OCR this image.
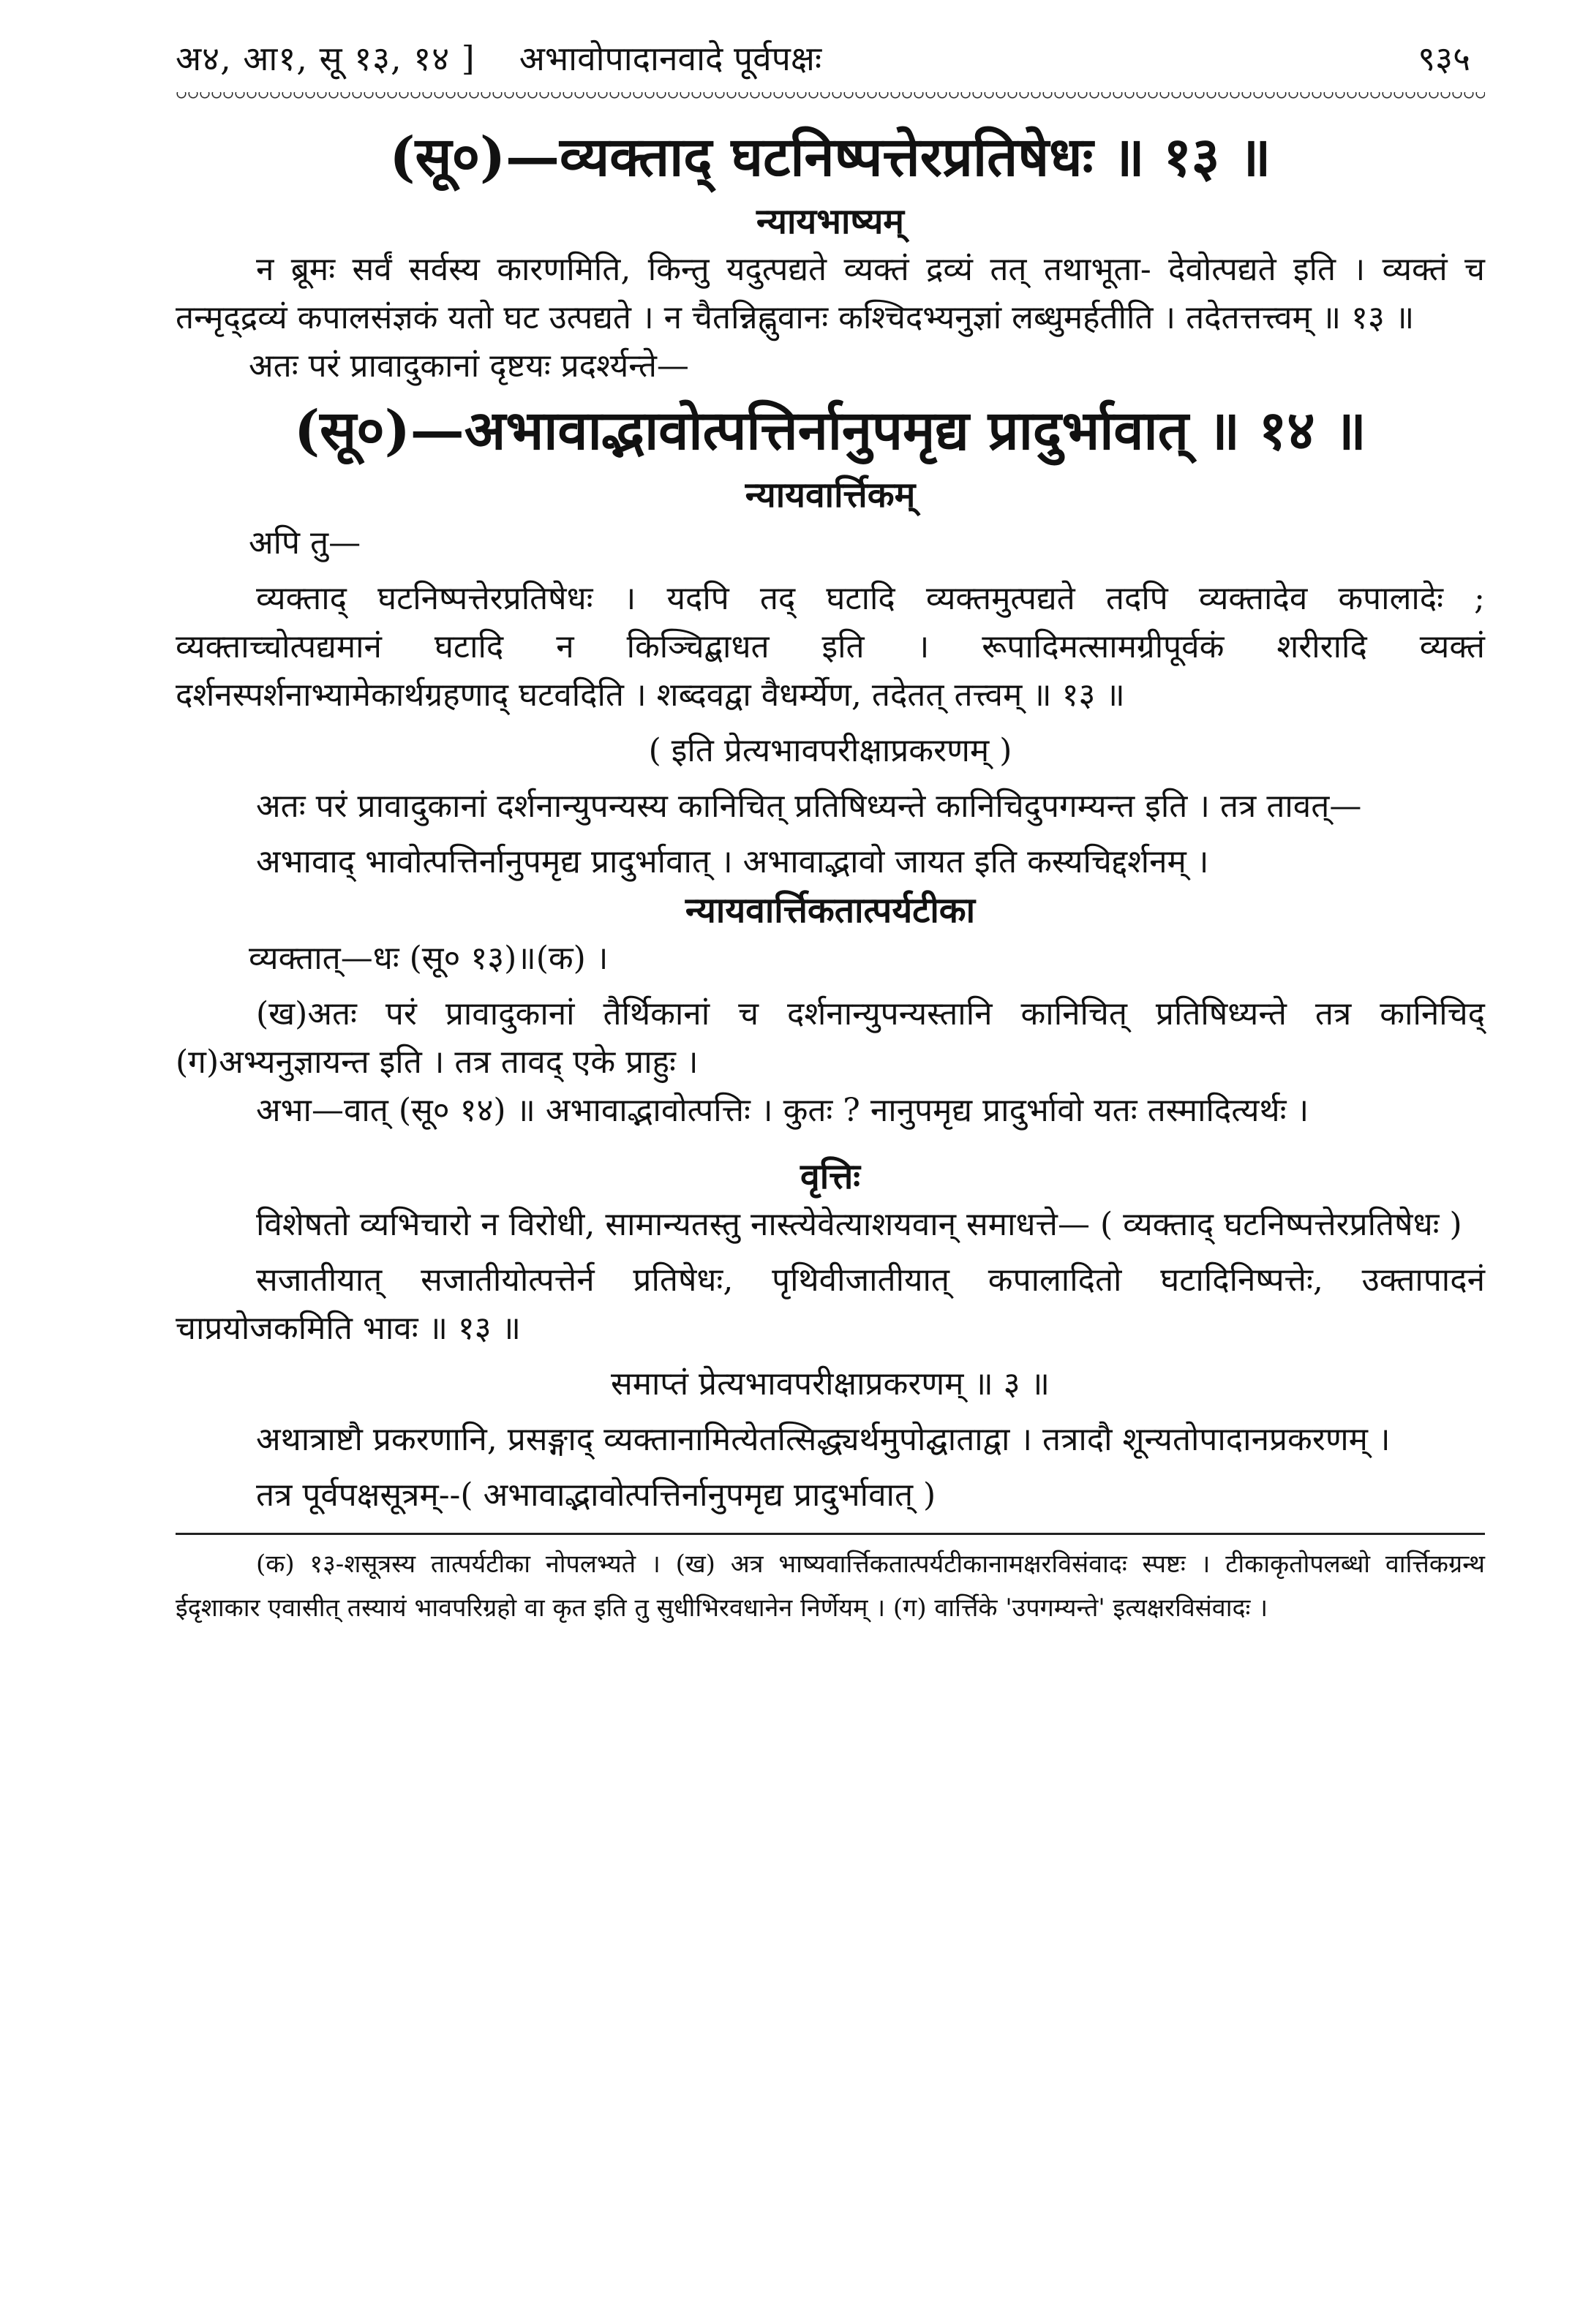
अ४, आ१, सू १३, १४ ] अभावोपादानवादे पूर्वपक्षः	९३५

(सू०)—व्यक्ताद् घटनिष्पत्तेरप्रतिषेधः ॥ १३ ॥

न्यायभाष्यम्

न ब्रूमः सर्वं सर्वस्य कारणमिति, किन्तु यदुत्पद्यते व्यक्तं द्रव्यं तत् तथाभूता- देवोत्पद्यते इति । व्यक्तं च तन्मृद्द्रव्यं कपालसंज्ञकं यतो घट उत्पद्यते । न चैतन्निह्नुवानः कश्चिदभ्यनुज्ञां लब्धुमर्हतीति । तदेतत्तत्त्वम् ॥ १३ ॥

अतः परं प्रावादुकानां दृष्टयः प्रदर्श्यन्ते—

(सू०)—अभावाद्भावोत्पत्तिर्नानुपमृद्य प्रादुर्भावात् ॥ १४ ॥

न्यायवार्त्तिकम्

अपि तु—

व्यक्ताद् घटनिष्पत्तेरप्रतिषेधः । यदपि तद् घटादि व्यक्तमुत्पद्यते तदपि व्यक्तादेव कपालादेः ; व्यक्ताच्चोत्पद्यमानं घटादि न किञ्चिद्बाधत इति । रूपादिमत्सामग्रीपूर्वकं शरीरादि व्यक्तं दर्शनस्पर्शनाभ्यामेकार्थग्रहणाद् घटवदिति । शब्दवद्वा वैधर्म्येण, तदेतत् तत्त्वम् ॥ १३ ॥

( इति प्रेत्यभावपरीक्षाप्रकरणम् )

अतः परं प्रावादुकानां दर्शनान्युपन्यस्य कानिचित् प्रतिषिध्यन्ते कानिचिदुपगम्यन्त इति । तत्र तावत्—

अभावाद् भावोत्पत्तिर्नानुपमृद्य प्रादुर्भावात् । अभावाद्भावो जायत इति कस्यचिद्दर्शनम् ।

न्यायवार्त्तिकतात्पर्यटीका

व्यक्तात्—धः (सू० १३)॥(क) ।

(ख)अतः परं प्रावादुकानां तैर्थिकानां च दर्शनान्युपन्यस्तानि कानिचित् प्रतिषिध्यन्ते तत्र कानिचिद् (ग)अभ्यनुज्ञायन्त इति । तत्र तावद् एके प्राहुः ।

अभा—वात् (सू० १४) ॥ अभावाद्भावोत्पत्तिः । कुतः ? नानुपमृद्य प्रादुर्भावो यतः तस्मादित्यर्थः ।

वृत्तिः

विशेषतो व्यभिचारो न विरोधी, सामान्यतस्तु नास्त्येवेत्याशयवान् समाधत्ते— ( व्यक्ताद् घटनिष्पत्तेरप्रतिषेधः )

सजातीयात् सजातीयोत्पत्तेर्न प्रतिषेधः, पृथिवीजातीयात् कपालादितो घटादिनिष्पत्तेः, उक्तापादनं चाप्रयोजकमिति भावः ॥ १३ ॥

समाप्तं प्रेत्यभावपरीक्षाप्रकरणम् ॥ ३ ॥

अथात्राष्टौ प्रकरणानि, प्रसङ्गाद् व्यक्तानामित्येतत्सिद्ध्यर्थमुपोद्घाताद्वा । तत्रादौ शून्यतोपादानप्रकरणम् ।

तत्र पूर्वपक्षसूत्रम्--( अभावाद्भावोत्पत्तिर्नानुपमृद्य प्रादुर्भावात् )

(क) १३-शसूत्रस्य तात्पर्यटीका नोपलभ्यते । (ख) अत्र भाष्यवार्त्तिकतात्पर्यटीकानामक्षरविसंवादः स्पष्टः । टीकाकृतोपलब्धो वार्त्तिकग्रन्थ ईदृशाकार एवासीत् तस्यायं भावपरिग्रहो वा कृत इति तु सुधीभिरवधानेन निर्णेयम् । (ग) वार्त्तिके 'उपगम्यन्ते' इत्यक्षरविसंवादः ।
